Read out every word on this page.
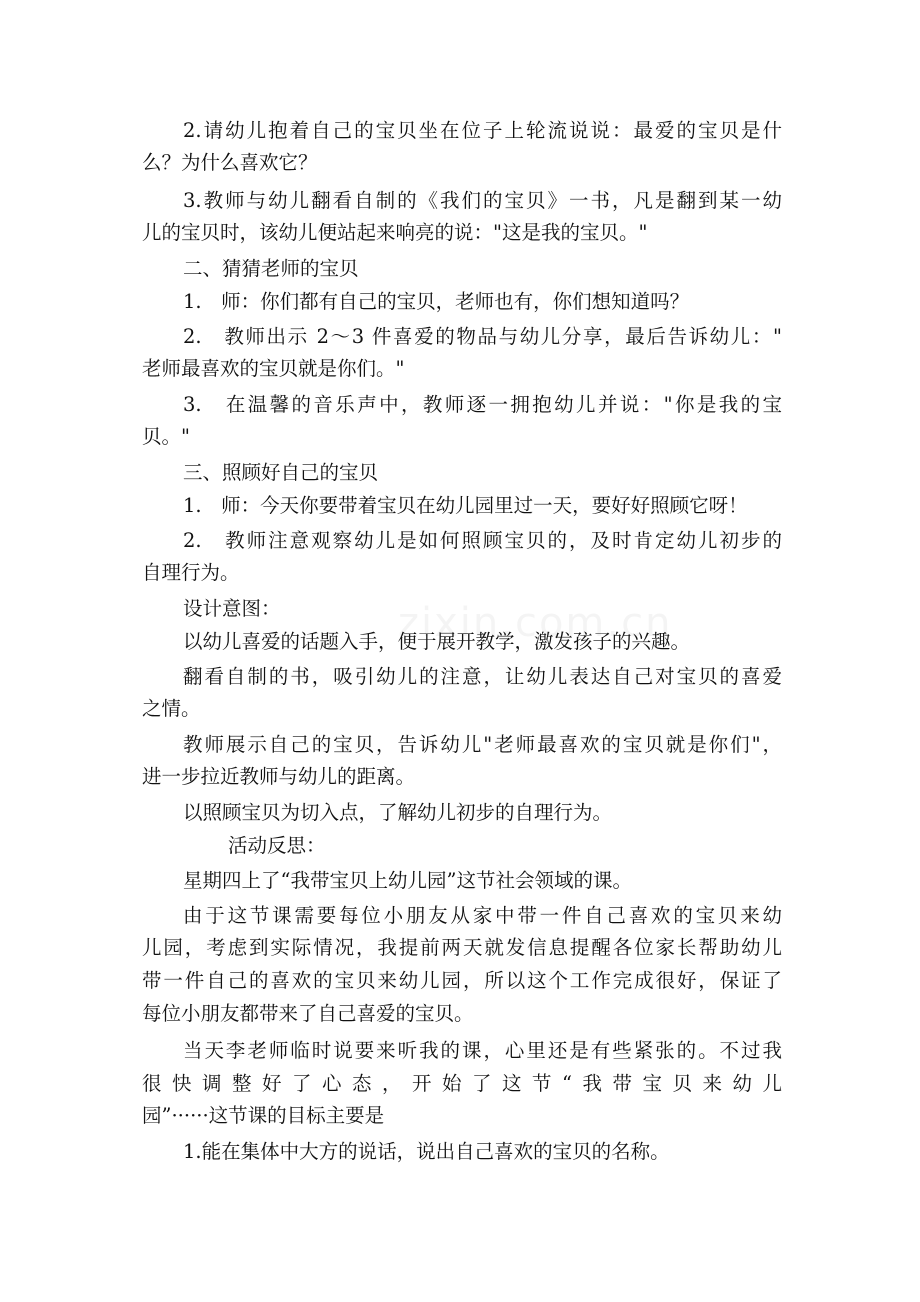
2.请幼儿抱着自己的宝贝坐在位子上轮流说说：最爱的宝贝是什
么？为什么喜欢它？
3.教师与幼儿翻看自制的《我们的宝贝》一书，凡是翻到某一幼
儿的宝贝时，该幼儿便站起来响亮的说："这是我的宝贝。"
二、猜猜老师的宝贝
1.　师：你们都有自己的宝贝，老师也有，你们想知道吗？
2.　教师出示 2～3 件喜爱的物品与幼儿分享，最后告诉幼儿："
老师最喜欢的宝贝就是你们。"
3.　在温馨的音乐声中，教师逐一拥抱幼儿并说："你是我的宝
贝。"
三、照顾好自己的宝贝
1.　师：今天你要带着宝贝在幼儿园里过一天，要好好照顾它呀！
2.　教师注意观察幼儿是如何照顾宝贝的，及时肯定幼儿初步的
自理行为。
设计意图：
以幼儿喜爱的话题入手，便于展开教学，激发孩子的兴趣。
翻看自制的书，吸引幼儿的注意，让幼儿表达自己对宝贝的喜爱
之情。
教师展示自己的宝贝，告诉幼儿"老师最喜欢的宝贝就是你们"，
进一步拉近教师与幼儿的距离。
以照顾宝贝为切入点，了解幼儿初步的自理行为。
活动反思：
星期四上了“我带宝贝上幼儿园”这节社会领域的课。
由于这节课需要每位小朋友从家中带一件自己喜欢的宝贝来幼
儿园，考虑到实际情况，我提前两天就发信息提醒各位家长帮助幼儿
带一件自己的喜欢的宝贝来幼儿园，所以这个工作完成很好，保证了
每位小朋友都带来了自己喜爱的宝贝。
当天李老师临时说要来听我的课，心里还是有些紧张的。不过我
很快调整好了心态，开始了这节“我带宝贝来幼儿
园”······这节课的目标主要是
1.能在集体中大方的说话，说出自己喜欢的宝贝的名称。
